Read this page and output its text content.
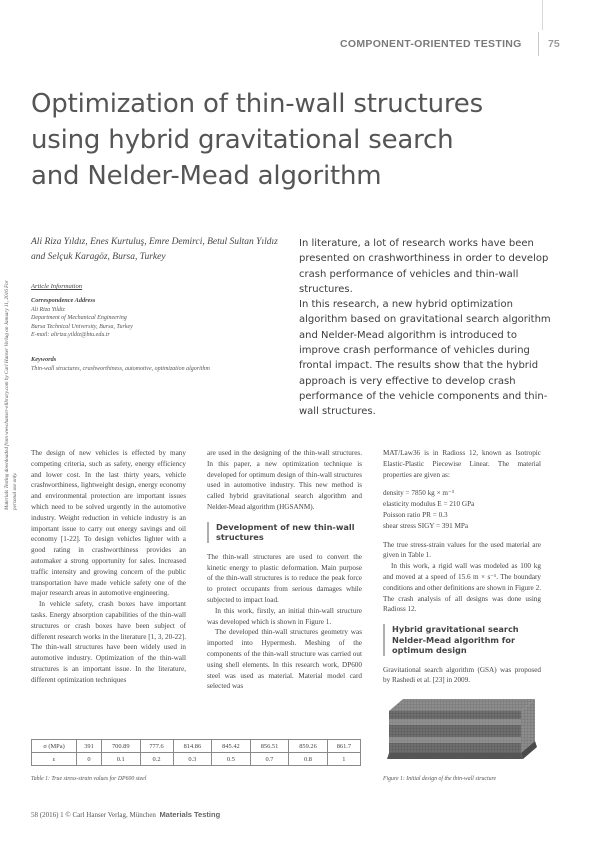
COMPONENT-ORIENTED TESTING	75
Optimization of thin-wall structures
using hybrid gravitational search
and Nelder-Mead algorithm
Ali Riza Yıldız, Enes Kurtuluş, Emre Demirci, Betul Sultan Yıldız and Selçuk Karagöz, Bursa, Turkey
Article Information
Correspondence Address
Ali Riza Yildiz
Department of Mechanical Engineering
Bursa Technical University, Bursa, Turkey
E-mail: aliriza.yildiz@btu.edu.tr
Keywords
Thin-wall structures, crashworthiness, automotive, optimization algorithm

In literature, a lot of research works have been presented on crashworthiness in order to develop crash performance of vehicles and thin-wall structures.

In this research, a new hybrid optimization algorithm based on gravitational search algorithm and Nelder-Mead algorithm is introduced to improve crash performance of vehicles during frontal impact. The results show that the hybrid approach is very effective to develop crash performance of the vehicle components and thin-wall structures.

Materials Testing downloaded from www.hanser-elibrary.com by Carl Hanser Verlag on January 11, 2016 For personal use only.

The design of new vehicles is effected by many competing criteria, such as safety, energy efficiency and lower cost. In the last thirty years, vehicle crashworthiness, lightweight design, energy economy and environmental protection are important issues which need to be solved urgently in the automotive industry. Weight reduction in vehicle industry is an important issue to carry out energy savings and oil economy [1-22]. To design vehicles lighter with a good rating in crashworthiness provides an automaker a strong opportunity for sales. Increased traffic intensity and growing concern of the public transportation have made vehicle safety one of the major research areas in automotive engineering.

In vehicle safety, crash boxes have important tasks. Energy absorption capabilities of the thin-wall structures or crash boxes have been subject of different research works in the literature [1, 3, 20-22]. The thin-wall structures have been widely used in automotive industry. Optimization of the thin-wall structures is an important issue. In the literature, different optimization techniques

are used in the designing of the thin-wall structures. In this paper, a new optimization technique is developed for optimum design of thin-wall structures used in automotive industry. This new method is called hybrid gravitational search algorithm and Nelder-Mead algorithm (HGSANM).

Development of new thin-wall structures

The thin-wall structures are used to convert the kinetic energy to plastic deformation. Main purpose of the thin-wall structures is to reduce the peak force to protect occupants from serious damages while subjected to impact load.

In this work, firstly, an initial thin-wall structure was developed which is shown in Figure 1.

The developed thin-wall structures geometry was imported into Hypermesh. Meshing of the components of the thin-wall structure was carried out using shell elements. In this research work, DP600 steel was used as material. Material model card selected was

MAT/Law36 is in Radioss 12, known as Isotropic Elastic-Plastic Piecewise Linear. The material properties are given as:

density = 7850 kg × m⁻³
elasticity modulus E = 210 GPa
Poisson ratio PR = 0.3
shear stress SIGY = 391 MPa

The true stress-strain values for the used material are given in Table 1.

In this work, a rigid wall was modeled as 100 kg and moved at a speed of 15.6 m × s⁻¹. The boundary conditions and other definitions are shown in Figure 2. The crash analysis of all designs was done using Radioss 12.

Hybrid gravitational search Nelder-Mead algorithm for optimum design

Gravitational search algorithm (GSA) was proposed by Rashedi et al. [23] in 2009.

σ (MPa)	391	700.89	777.6	814.86	845.42	856.51	859.26	861.7
ε	0	0.1	0.2	0.3	0.5	0.7	0.8	1
Table 1: True stress-strain values for DP600 steel	Figure 1: Initial design of the thin-wall structure
58 (2016) 1 © Carl Hanser Verlag, München Materials Testing
